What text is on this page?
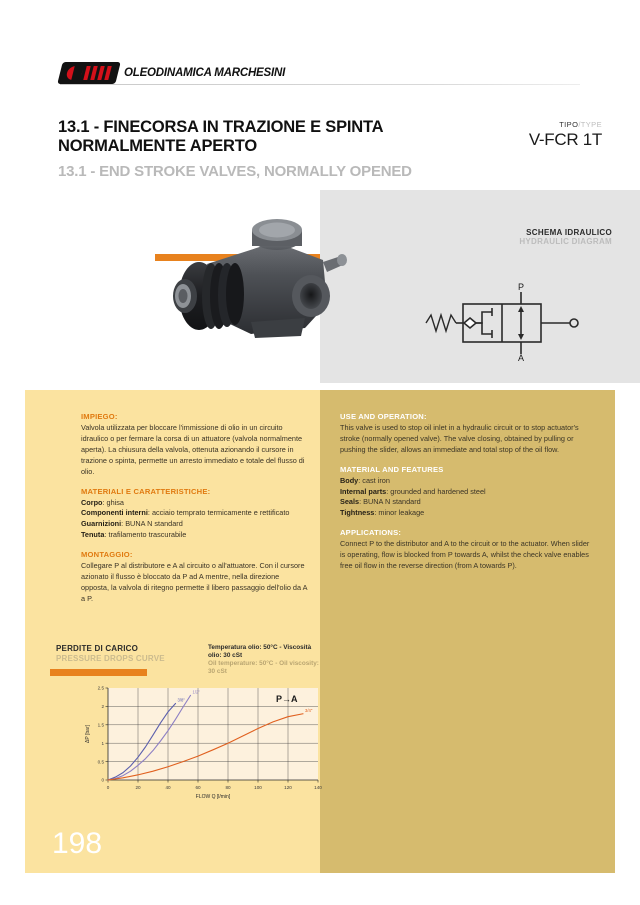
OLEODINAMICA MARCHESINI
13.1 - FINECORSA IN TRAZIONE E SPINTA
NORMALMENTE APERTO
13.1 - END STROKE VALVES, NORMALLY OPENED
TIPO/TYPE
V-FCR 1T
SCHEMA IDRAULICO
HYDRAULIC DIAGRAM
P
A
IMPIEGO:

Valvola utilizzata per bloccare l'immissione di olio in un circuito idraulico o per fermare la corsa di un attuatore (valvola normalmente aperta). La chiusura della valvola, ottenuta azionando il cursore in trazione o spinta, permette un arresto immediato e totale del flusso di olio.

MATERIALI E CARATTERISTICHE:
Corpo: ghisa
Componenti interni: acciaio temprato termicamente e rettificato
Guarnizioni: BUNA N standard
Tenuta: trafilamento trascurabile
MONTAGGIO:

Collegare P al distributore e A al circuito o all'attuatore. Con il cursore azionato il flusso è bloccato da P ad A mentre, nella direzione opposta, la valvola di ritegno permette il libero passaggio dell'olio da A a P.

USE AND OPERATION:

This valve is used to stop oil inlet in a hydraulic circuit or to stop actuator's stroke (normally opened valve). The valve closing, obtained by pulling or pushing the slider, allows an immediate and total stop of the oil flow.

MATERIAL AND FEATURES
Body: cast iron
Internal parts: grounded and hardened steel
Seals: BUNA N standard
Tightness: minor leakage
APPLICATIONS:

Connect P to the distributor and A to the circuit or to the actuator. When slider is operating, flow is blocked from P towards A, whilst the check valve enables free oil flow in the reverse direction (from A towards P).

PERDITE DI CARICO
PRESSURE DROPS CURVE
Temperatura olio: 50°C - Viscosità olio: 30 cSt
Oil temperature: 50°C - Oil viscosity: 30 cSt
0	20	40	60	80	100	120	140
0
0.5
1
1.5
2
2.5
FLOW Q [l/min]
ΔP [bar]
3/8"
1/2"
3/4"
P→A
198
